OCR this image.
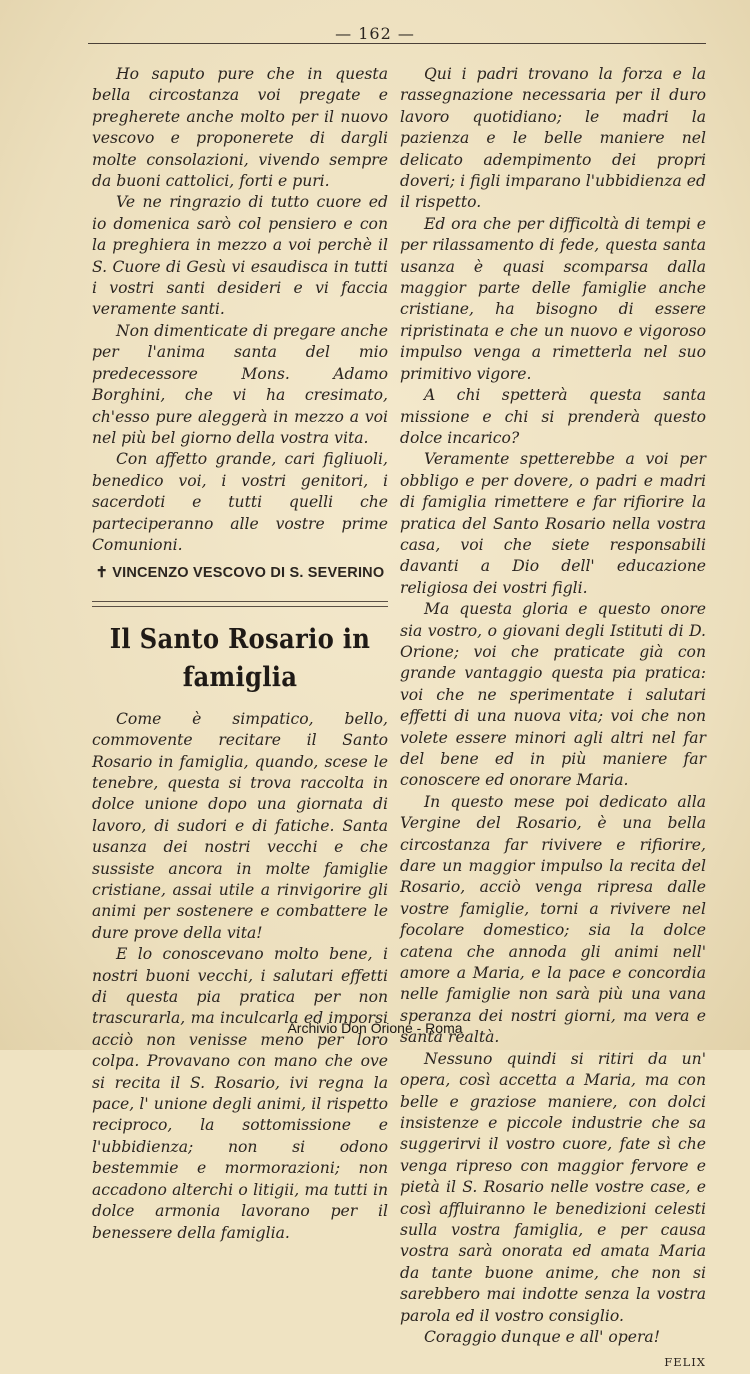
— 162 —

Ho saputo pure che in questa bella circostanza voi pregate e pregherete anche molto per il nuovo vescovo e proponerete di dargli molte consolazioni, vivendo sempre da buoni cattolici, forti e puri.

Ve ne ringrazio di tutto cuore ed io domenica sarò col pensiero e con la preghiera in mezzo a voi perchè il S. Cuore di Gesù vi esaudisca in tutti i vostri santi desideri e vi faccia veramente santi.

Non dimenticate di pregare anche per l'anima santa del mio predecessore Mons. Adamo Borghini, che vi ha cresimato, ch'esso pure aleggerà in mezzo a voi nel più bel giorno della vostra vita.

Con affetto grande, cari figliuoli, benedico voi, i vostri genitori, i sacerdoti e tutti quelli che parteciperanno alle vostre prime Comunioni.

✝ VINCENZO VESCOVO DI S. SEVERINO

Il Santo Rosario in famiglia

Come è simpatico, bello, commovente recitare il Santo Rosario in famiglia, quando, scese le tenebre, questa si trova raccolta in dolce unione dopo una giornata di lavoro, di sudori e di fatiche. Santa usanza dei nostri vecchi e che sussiste ancora in molte famiglie cristiane, assai utile a rinvigorire gli animi per sostenere e combattere le dure prove della vita!

E lo conoscevano molto bene, i nostri buoni vecchi, i salutari effetti di questa pia pratica per non trascurarla, ma inculcarla ed imporsi acciò non venisse meno per loro colpa. Provavano con mano che ove si recita il S. Rosario, ivi regna la pace, l' unione degli animi, il rispetto reciproco, la sottomissione e l'ubbidienza; non si odono bestemmie e mormorazioni; non accadono alterchi o litigii, ma tutti in dolce armonia lavorano per il benessere della famiglia.

Qui i padri trovano la forza e la rassegnazione necessaria per il duro lavoro quotidiano; le madri la pazienza e le belle maniere nel delicato adempimento dei propri doveri; i figli imparano l'ubbidienza ed il rispetto.

Ed ora che per difficoltà di tempi e per rilassamento di fede, questa santa usanza è quasi scomparsa dalla maggior parte delle famiglie anche cristiane, ha bisogno di essere ripristinata e che un nuovo e vigoroso impulso venga a rimetterla nel suo primitivo vigore.

A chi spetterà questa santa missione e chi si prenderà questo dolce incarico?

Veramente spetterebbe a voi per obbligo e per dovere, o padri e madri di famiglia rimettere e far rifiorire la pratica del Santo Rosario nella vostra casa, voi che siete responsabili davanti a Dio dell' educazione religiosa dei vostri figli.

Ma questa gloria e questo onore sia vostro, o giovani degli Istituti di D. Orione; voi che praticate già con grande vantaggio questa pia pratica: voi che ne sperimentate i salutari effetti di una nuova vita; voi che non volete essere minori agli altri nel far del bene ed in più maniere far conoscere ed onorare Maria.

In questo mese poi dedicato alla Vergine del Rosario, è una bella circostanza far rivivere e rifiorire, dare un maggior impulso la recita del Rosario, acciò venga ripresa dalle vostre famiglie, torni a rivivere nel focolare domestico; sia la dolce catena che annoda gli animi nell' amore a Maria, e la pace e concordia nelle famiglie non sarà più una vana speranza dei nostri giorni, ma vera e santa realtà.

Nessuno quindi si ritiri da un' opera, così accetta a Maria, ma con belle e graziose maniere, con dolci insistenze e piccole industrie che sa suggerirvi il vostro cuore, fate sì che venga ripreso con maggior fervore e pietà il S. Rosario nelle vostre case, e così affluiranno le benedizioni celesti sulla vostra famiglia, e per causa vostra sarà onorata ed amata Maria da tante buone anime, che non si sarebbero mai indotte senza la vostra parola ed il vostro consiglio.

Coraggio dunque e all' opera!
FELIX

Archivio Don Orione - Roma
